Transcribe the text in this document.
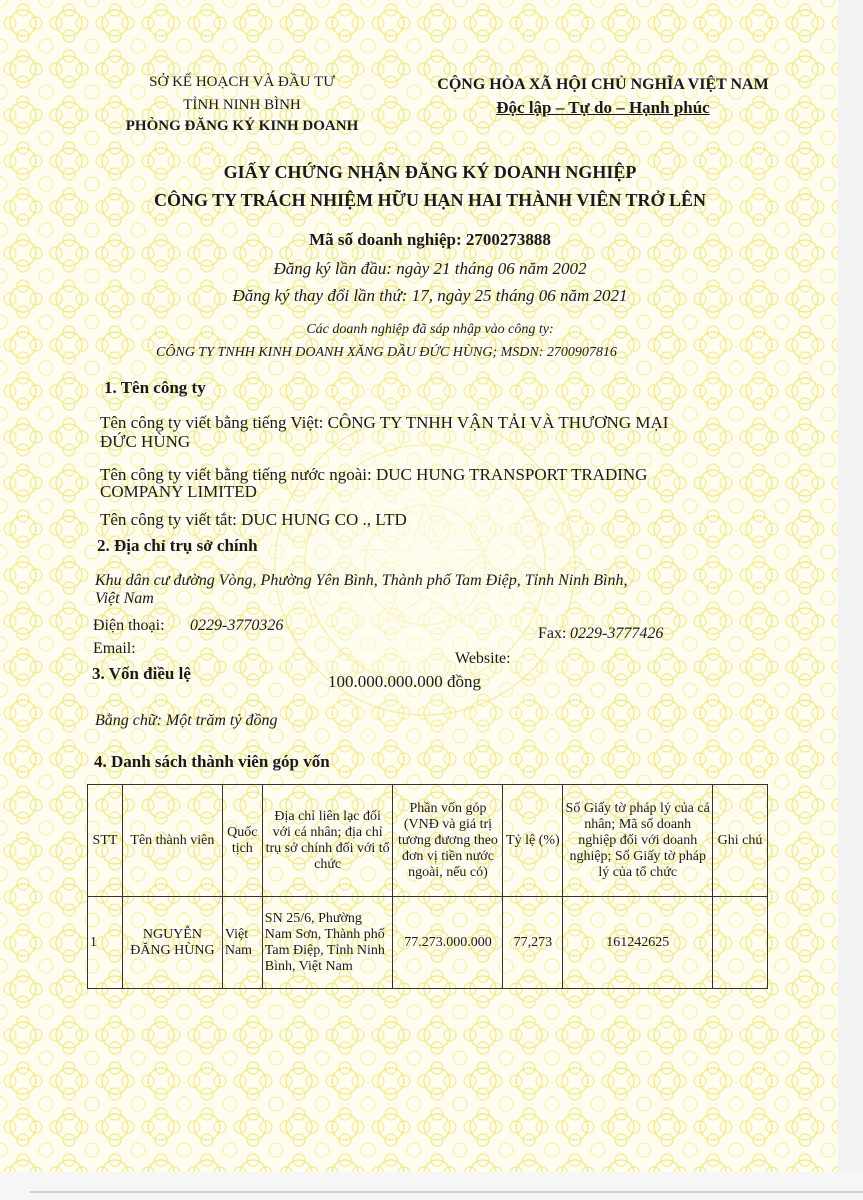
SỞ KẾ HOẠCH VÀ ĐẦU TƯ
TỈNH NINH BÌNH
PHÒNG ĐĂNG KÝ KINH DOANH
CỘNG HÒA XÃ HỘI CHỦ NGHĨA VIỆT NAM
Độc lập – Tự do – Hạnh phúc
GIẤY CHỨNG NHẬN ĐĂNG KÝ DOANH NGHIỆP
CÔNG TY TRÁCH NHIỆM HỮU HẠN HAI THÀNH VIÊN TRỞ LÊN
Mã số doanh nghiệp: 2700273888
Đăng ký lần đầu: ngày 21 tháng 06 năm 2002
Đăng ký thay đổi lần thứ: 17, ngày 25 tháng 06 năm 2021
Các doanh nghiệp đã sáp nhập vào công ty:
CÔNG TY TNHH KINH DOANH XĂNG DẦU ĐỨC HÙNG; MSDN: 2700907816
1. Tên công ty
Tên công ty viết bằng tiếng Việt: CÔNG TY TNHH VẬN TẢI VÀ THƯƠNG MẠI
ĐỨC HÙNG
Tên công ty viết bằng tiếng nước ngoài: DUC HUNG TRANSPORT TRADING
COMPANY LIMITED
Tên công ty viết tắt: DUC HUNG CO ., LTD
2. Địa chỉ trụ sở chính
Khu dân cư đường Vòng, Phường Yên Bình, Thành phố Tam Điệp, Tỉnh Ninh Bình,
Việt Nam
Điện thoại: 0229-3770326	Fax: 0229-3777426
Email:
Website:
3. Vốn điều lệ	100.000.000.000 đồng
Bằng chữ: Một trăm tỷ đồng
4. Danh sách thành viên góp vốn
STT	Tên thành viên	Quốc tịch	Địa chỉ liên lạc đối với cá nhân; địa chỉ trụ sở chính đối với tổ chức	Phần vốn góp (VNĐ và giá trị tương đương theo đơn vị tiền nước ngoài, nếu có)	Tỷ lệ (%)	Số Giấy tờ pháp lý của cá nhân; Mã số doanh nghiệp đối với doanh nghiệp; Số Giấy tờ pháp lý của tổ chức	Ghi chú
1	NGUYỄN ĐĂNG HÙNG	Việt Nam	SN 25/6, Phường Nam Sơn, Thành phố Tam Điệp, Tỉnh Ninh Bình, Việt Nam	77.273.000.000	77,273	161242625	
